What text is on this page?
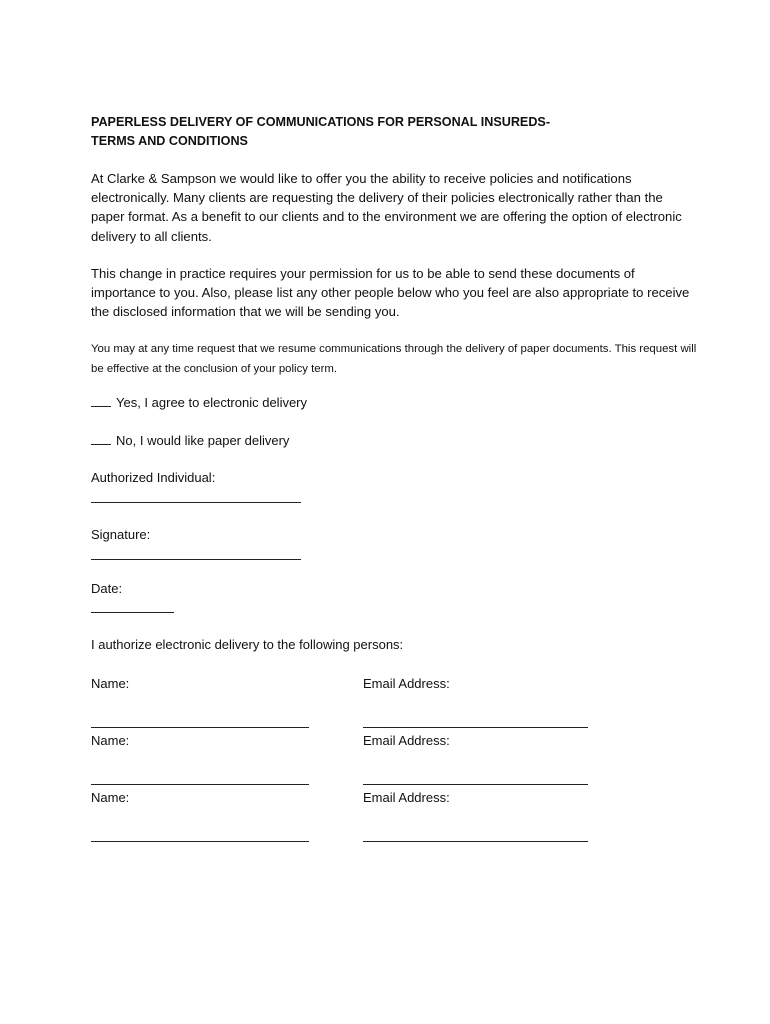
PAPERLESS DELIVERY OF COMMUNICATIONS FOR PERSONAL INSUREDS-
TERMS AND CONDITIONS
At Clarke & Sampson we would like to offer you the ability to receive policies and notifications electronically. Many clients are requesting the delivery of their policies electronically rather than the paper format. As a benefit to our clients and to the environment we are offering the option of electronic delivery to all clients.
This change in practice requires your permission for us to be able to send these documents of importance to you. Also, please list any other people below who you feel are also appropriate to receive the disclosed information that we will be sending you.
You may at any time request that we resume communications through the delivery of paper documents. This request will be effective at the conclusion of your policy term.
Yes, I agree to electronic delivery
No, I would like paper delivery
Authorized Individual:
Signature:
Date:
I authorize electronic delivery to the following persons:
Name:	Email Address:
Name:	Email Address:
Name:	Email Address:
